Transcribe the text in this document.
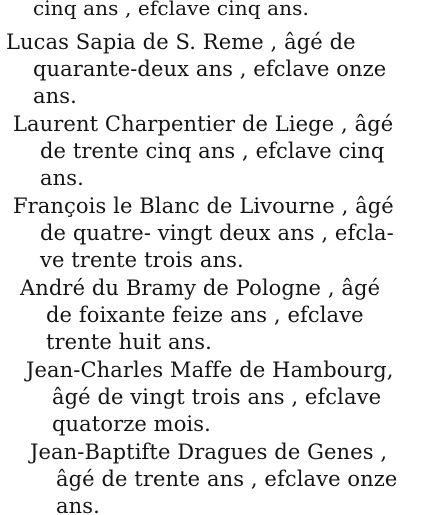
cinq ans , efclave cinq ans.
Lucas Sapia de S. Reme , âgé de
quarante-deux ans , efclave onze
ans.
Laurent Charpentier de Liege , âgé
de trente cinq ans , efclave cinq
ans.
François le Blanc de Livourne , âgé
de quatre- vingt deux ans , efcla-
ve trente trois ans.
André du Bramy de Pologne , âgé
de foixante feize ans , efclave
trente huit ans.
Jean-Charles Maffe de Hambourg,
âgé de vingt trois ans , efclave
quatorze mois.
Jean-Baptifte Dragues de Genes ,
âgé de trente ans , efclave onze
ans.
